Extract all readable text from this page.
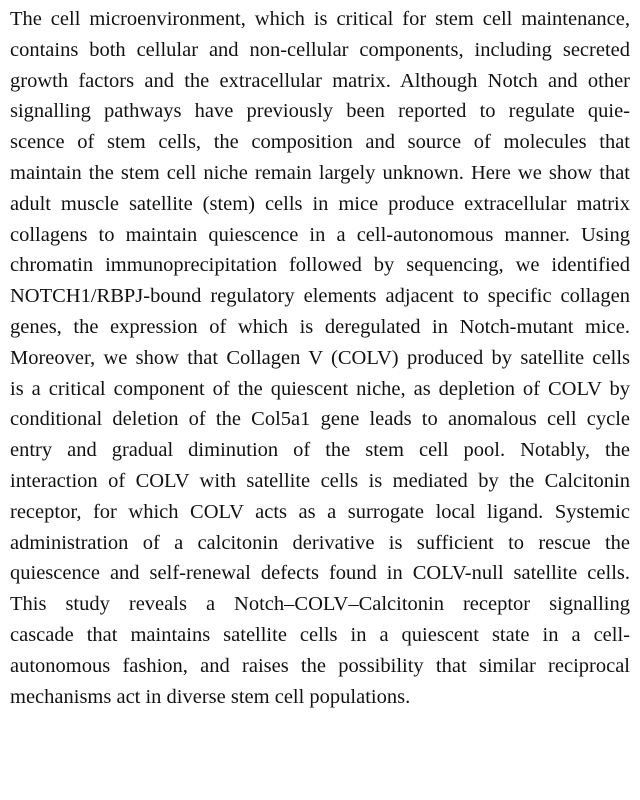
The cell microenvironment, which is critical for stem cell maintenance,
contains both cellular and non-cellular components, including secreted
growth factors and the extracellular matrix. Although Notch and other
signalling pathways have previously been reported to regulate quie-
scence of stem cells, the composition and source of molecules that
maintain the stem cell niche remain largely unknown. Here we show that
adult muscle satellite (stem) cells in mice produce extracellular matrix
collagens to maintain quiescence in a cell-autonomous manner. Using
chromatin immunoprecipitation followed by sequencing, we identified
NOTCH1/RBPJ-bound regulatory elements adjacent to specific collagen
genes, the expression of which is deregulated in Notch-mutant mice.
Moreover, we show that Collagen V (COLV) produced by satellite cells
is a critical component of the quiescent niche, as depletion of COLV by
conditional deletion of the Col5a1 gene leads to anomalous cell cycle
entry and gradual diminution of the stem cell pool. Notably, the
interaction of COLV with satellite cells is mediated by the Calcitonin
receptor, for which COLV acts as a surrogate local ligand. Systemic
administration of a calcitonin derivative is sufficient to rescue the
quiescence and self-renewal defects found in COLV-null satellite cells.
This study reveals a Notch–COLV–Calcitonin receptor signalling
cascade that maintains satellite cells in a quiescent state in a cell-
autonomous fashion, and raises the possibility that similar reciprocal
mechanisms act in diverse stem cell populations.
